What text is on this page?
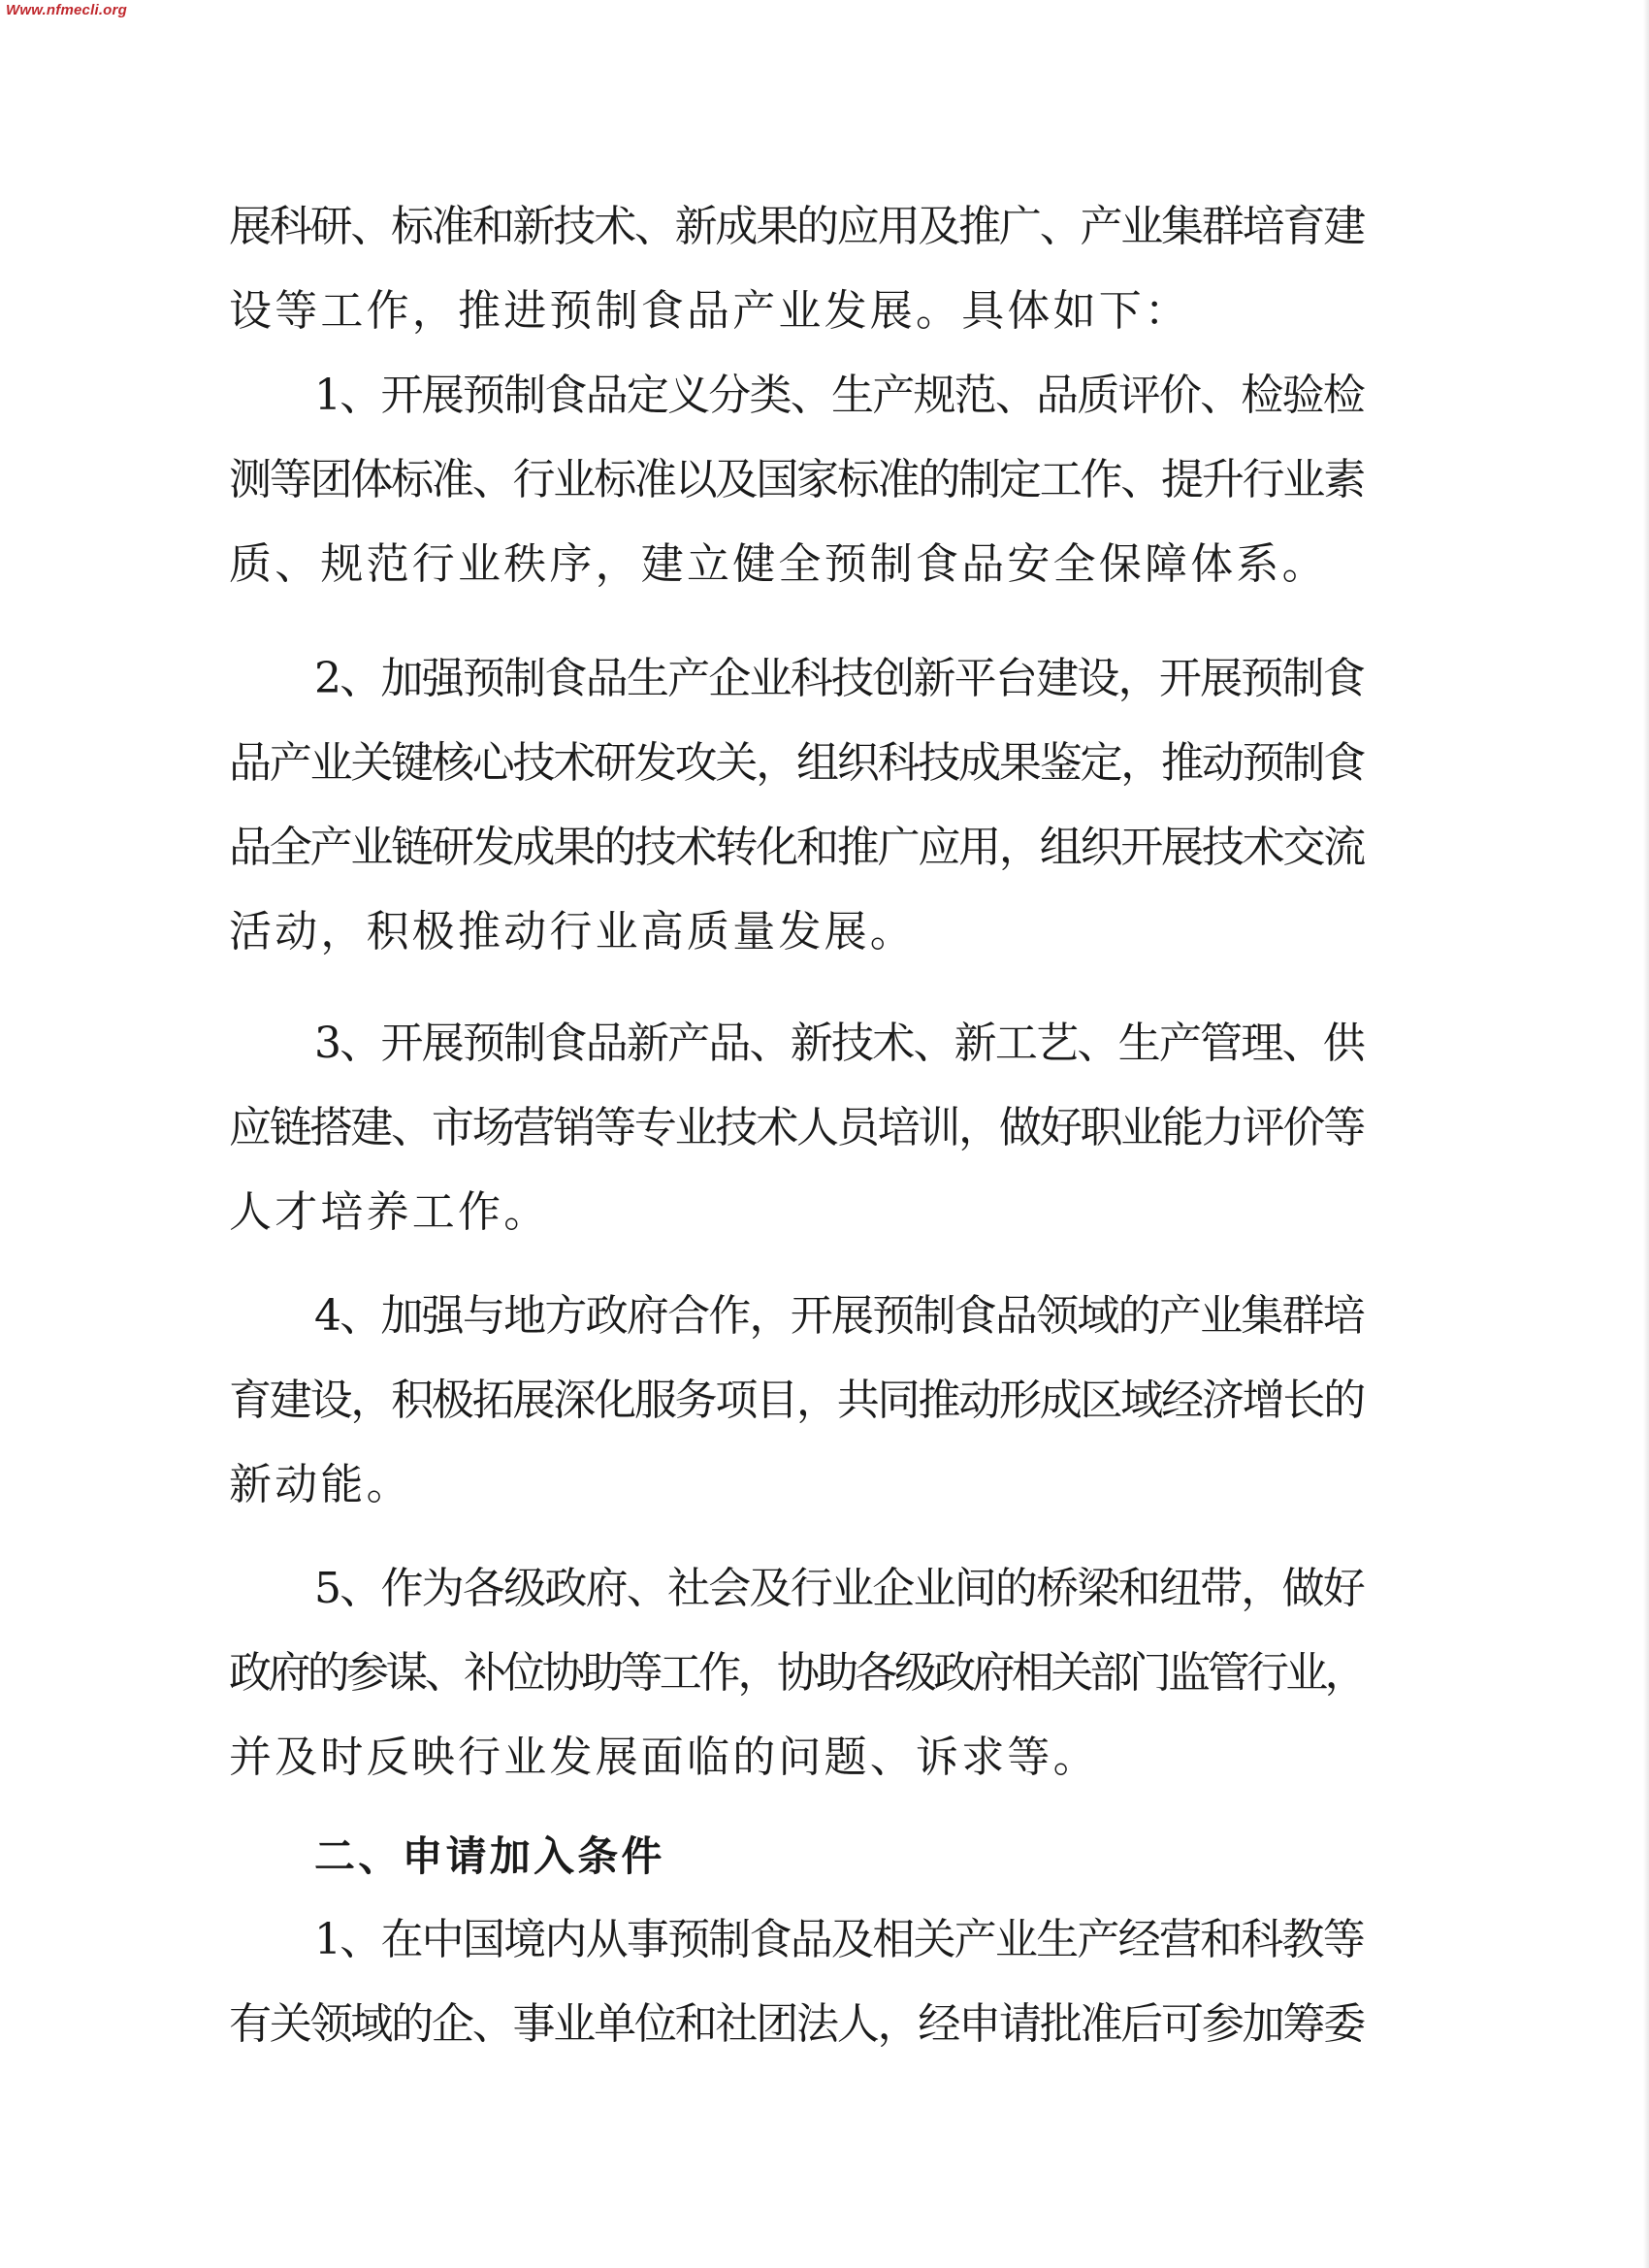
Www.nfmecli.org
展科研、标准和新技术、新成果的应用及推广、产业集群培育建
设等工作，推进预制食品产业发展。具体如下：
1、开展预制食品定义分类、生产规范、品质评价、检验检
测等团体标准、行业标准以及国家标准的制定工作、提升行业素
质、规范行业秩序，建立健全预制食品安全保障体系。
2、加强预制食品生产企业科技创新平台建设，开展预制食
品产业关键核心技术研发攻关，组织科技成果鉴定，推动预制食
品全产业链研发成果的技术转化和推广应用，组织开展技术交流
活动，积极推动行业高质量发展。
3、开展预制食品新产品、新技术、新工艺、生产管理、供
应链搭建、市场营销等专业技术人员培训，做好职业能力评价等
人才培养工作。
4、加强与地方政府合作，开展预制食品领域的产业集群培
育建设，积极拓展深化服务项目，共同推动形成区域经济增长的
新动能。
5、作为各级政府、社会及行业企业间的桥梁和纽带，做好
政府的参谋、补位协助等工作，协助各级政府相关部门监管行业，
并及时反映行业发展面临的问题、诉求等。
二、申请加入条件
1、在中国境内从事预制食品及相关产业生产经营和科教等
有关领域的企、事业单位和社团法人，经申请批准后可参加筹委
